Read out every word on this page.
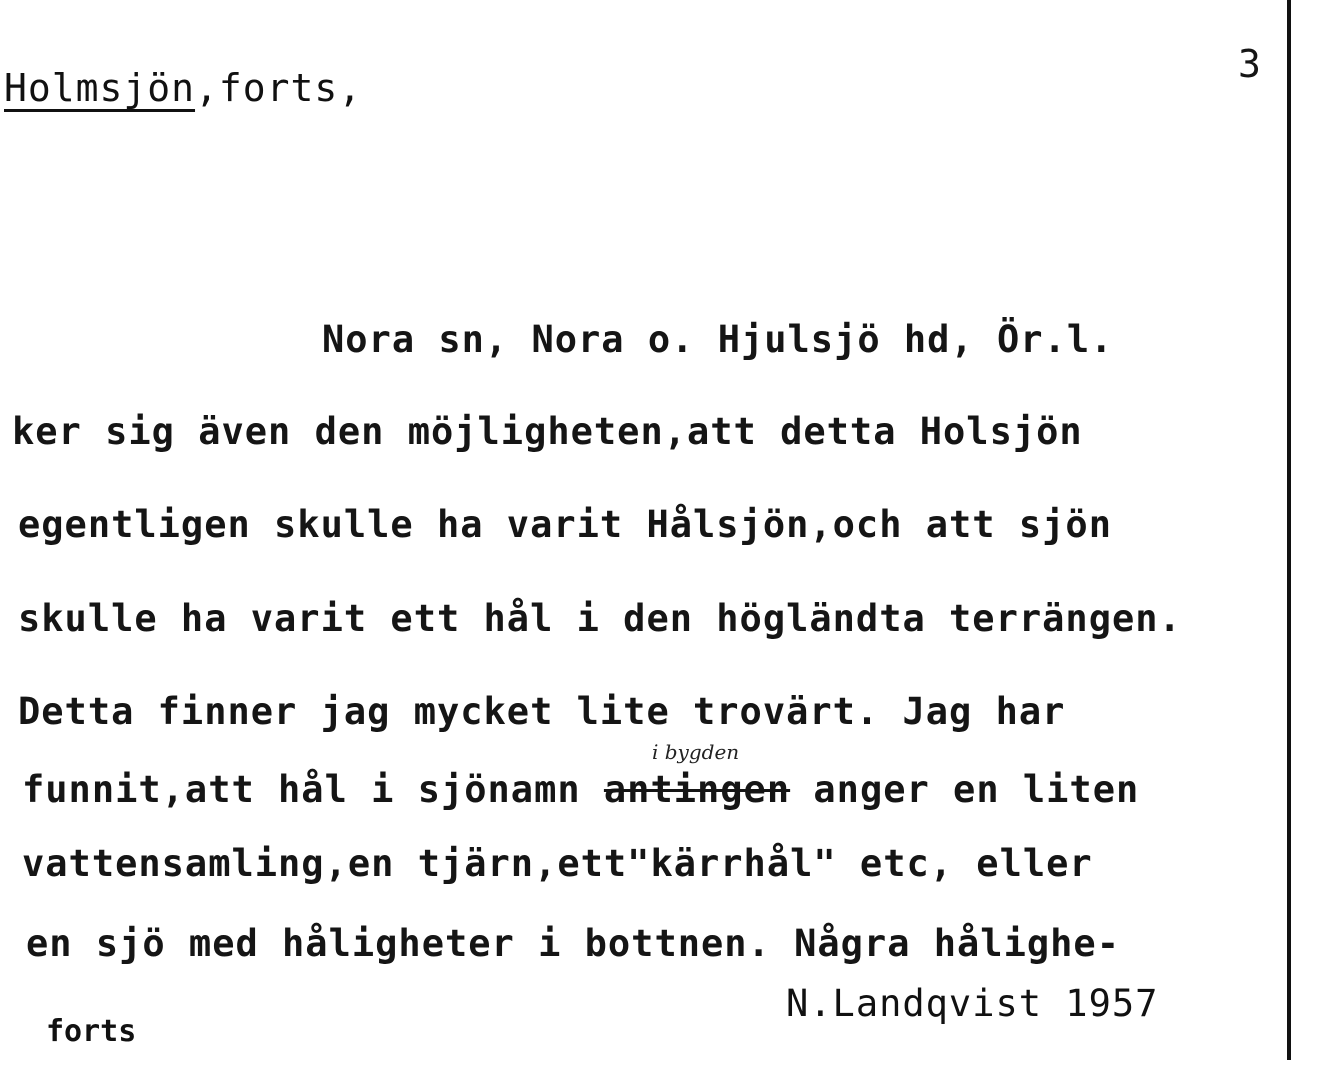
3
Holmsjön,forts,
Nora sn, Nora o. Hjulsjö hd, Ör.l.
ker sig även den möjligheten,att detta Holsjön
egentligen skulle ha varit Hålsjön,och att sjön
skulle ha varit ett hål i den högländta terrängen.
Detta finner jag mycket lite trovärt. Jag har
i bygden
funnit,att hål i sjönamn antingen anger en liten
vattensamling,en tjärn,ett"kärrhål" etc, eller
en sjö med håligheter i bottnen. Några hålighe-
N.Landqvist 1957
forts
